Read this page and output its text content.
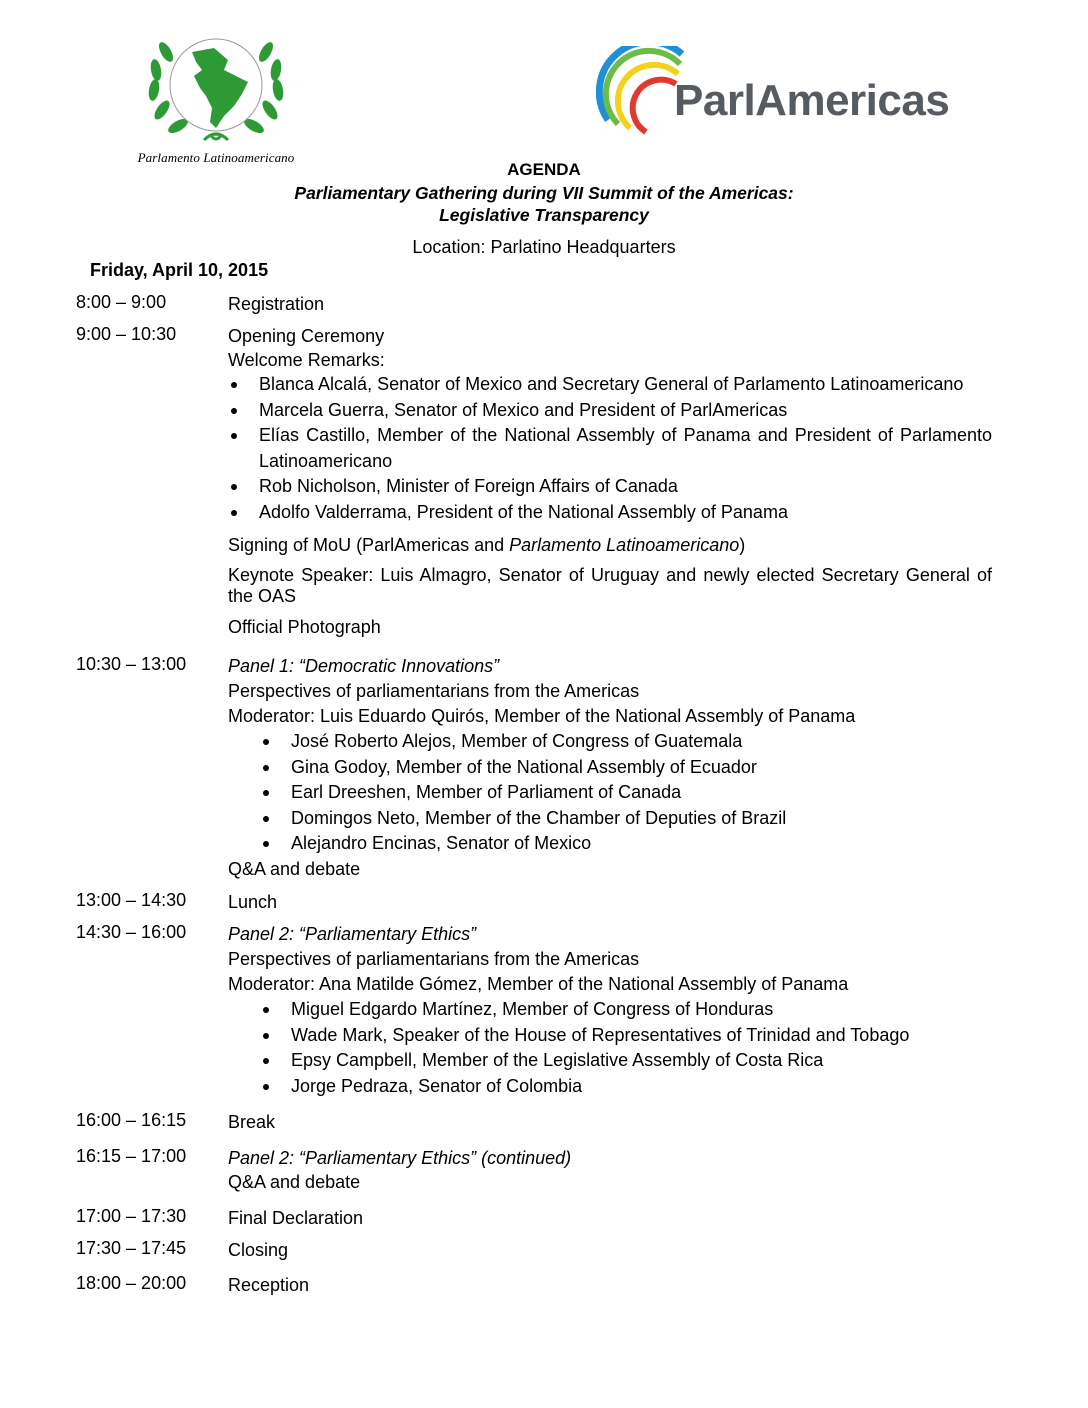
Parlamento Latinoamericano
ParlAmericas
AGENDA
Parliamentary Gathering during VII Summit of the Americas:
Legislative Transparency
Location: Parlatino Headquarters
Friday, April 10, 2015
8:00 – 9:00	Registration
9:00 – 10:30	Opening Ceremony
Welcome Remarks:
Blanca Alcalá, Senator of Mexico and Secretary General of Parlamento Latinoamericano
Marcela Guerra, Senator of Mexico and President of ParlAmericas
Elías Castillo, Member of the National Assembly of Panama and President of Parlamento Latinoamericano
Rob Nicholson, Minister of Foreign Affairs of Canada
Adolfo Valderrama, President of the National Assembly of Panama
Signing of MoU (ParlAmericas and Parlamento Latinoamericano)
Keynote Speaker: Luis Almagro, Senator of Uruguay and newly elected Secretary General of the OAS
Official Photograph
10:30 – 13:00 Panel 1: “Democratic Innovations”
Perspectives of parliamentarians from the Americas
Moderator: Luis Eduardo Quirós, Member of the National Assembly of Panama
José Roberto Alejos, Member of Congress of Guatemala
Gina Godoy, Member of the National Assembly of Ecuador
Earl Dreeshen, Member of Parliament of Canada
Domingos Neto, Member of the Chamber of Deputies of Brazil
Alejandro Encinas, Senator of Mexico
Q&A and debate
13:00 – 14:30 Lunch
14:30 – 16:00 Panel 2: “Parliamentary Ethics”
Perspectives of parliamentarians from the Americas
Moderator: Ana Matilde Gómez, Member of the National Assembly of Panama
Miguel Edgardo Martínez, Member of Congress of Honduras
Wade Mark, Speaker of the House of Representatives of Trinidad and Tobago
Epsy Campbell, Member of the Legislative Assembly of Costa Rica
Jorge Pedraza, Senator of Colombia
16:00 – 16:15 Break
16:15 – 17:00 Panel 2: “Parliamentary Ethics” (continued)
Q&A and debate
17:00 – 17:30 Final Declaration
17:30 – 17:45 Closing
18:00 – 20:00 Reception
